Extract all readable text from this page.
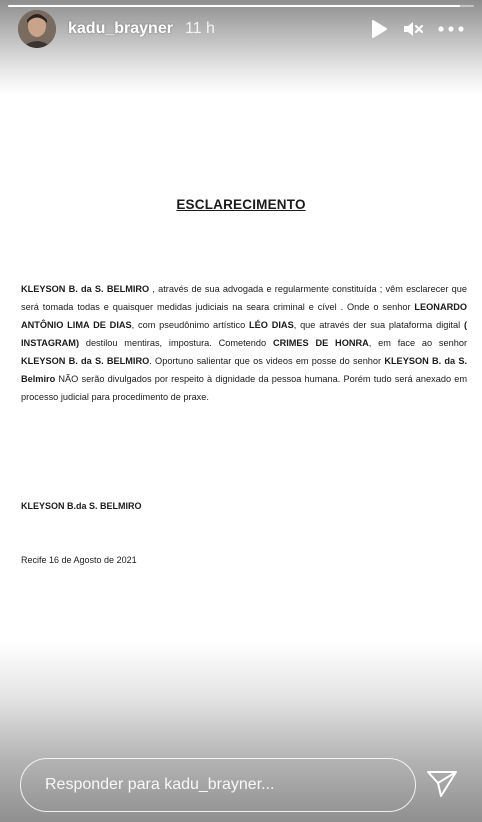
kadu_brayner 11 h
ESCLARECIMENTO

KLEYSON B. da S. BELMIRO , através de sua advogada e regularmente constituída ; vêm esclarecer que será tomada todas e quaisquer medidas judiciais na seara criminal e cível . Onde o senhor LEONARDO ANTÔNIO LIMA DE DIAS, com pseudônimo artístico LÉO DIAS, que através der sua plataforma digital ( INSTAGRAM) destilou mentiras, impostura. Cometendo CRIMES DE HONRA, em face ao senhor KLEYSON B. da S. BELMIRO. Oportuno salientar que os videos em posse do senhor KLEYSON B. da S. Belmiro NÃO serão divulgados por respeito à dignidade da pessoa humana. Porém tudo será anexado em processo judicial para procedimento de praxe.

KLEYSON B.da S. BELMIRO
Recife 16 de Agosto de 2021
Responder para kadu_brayner...
